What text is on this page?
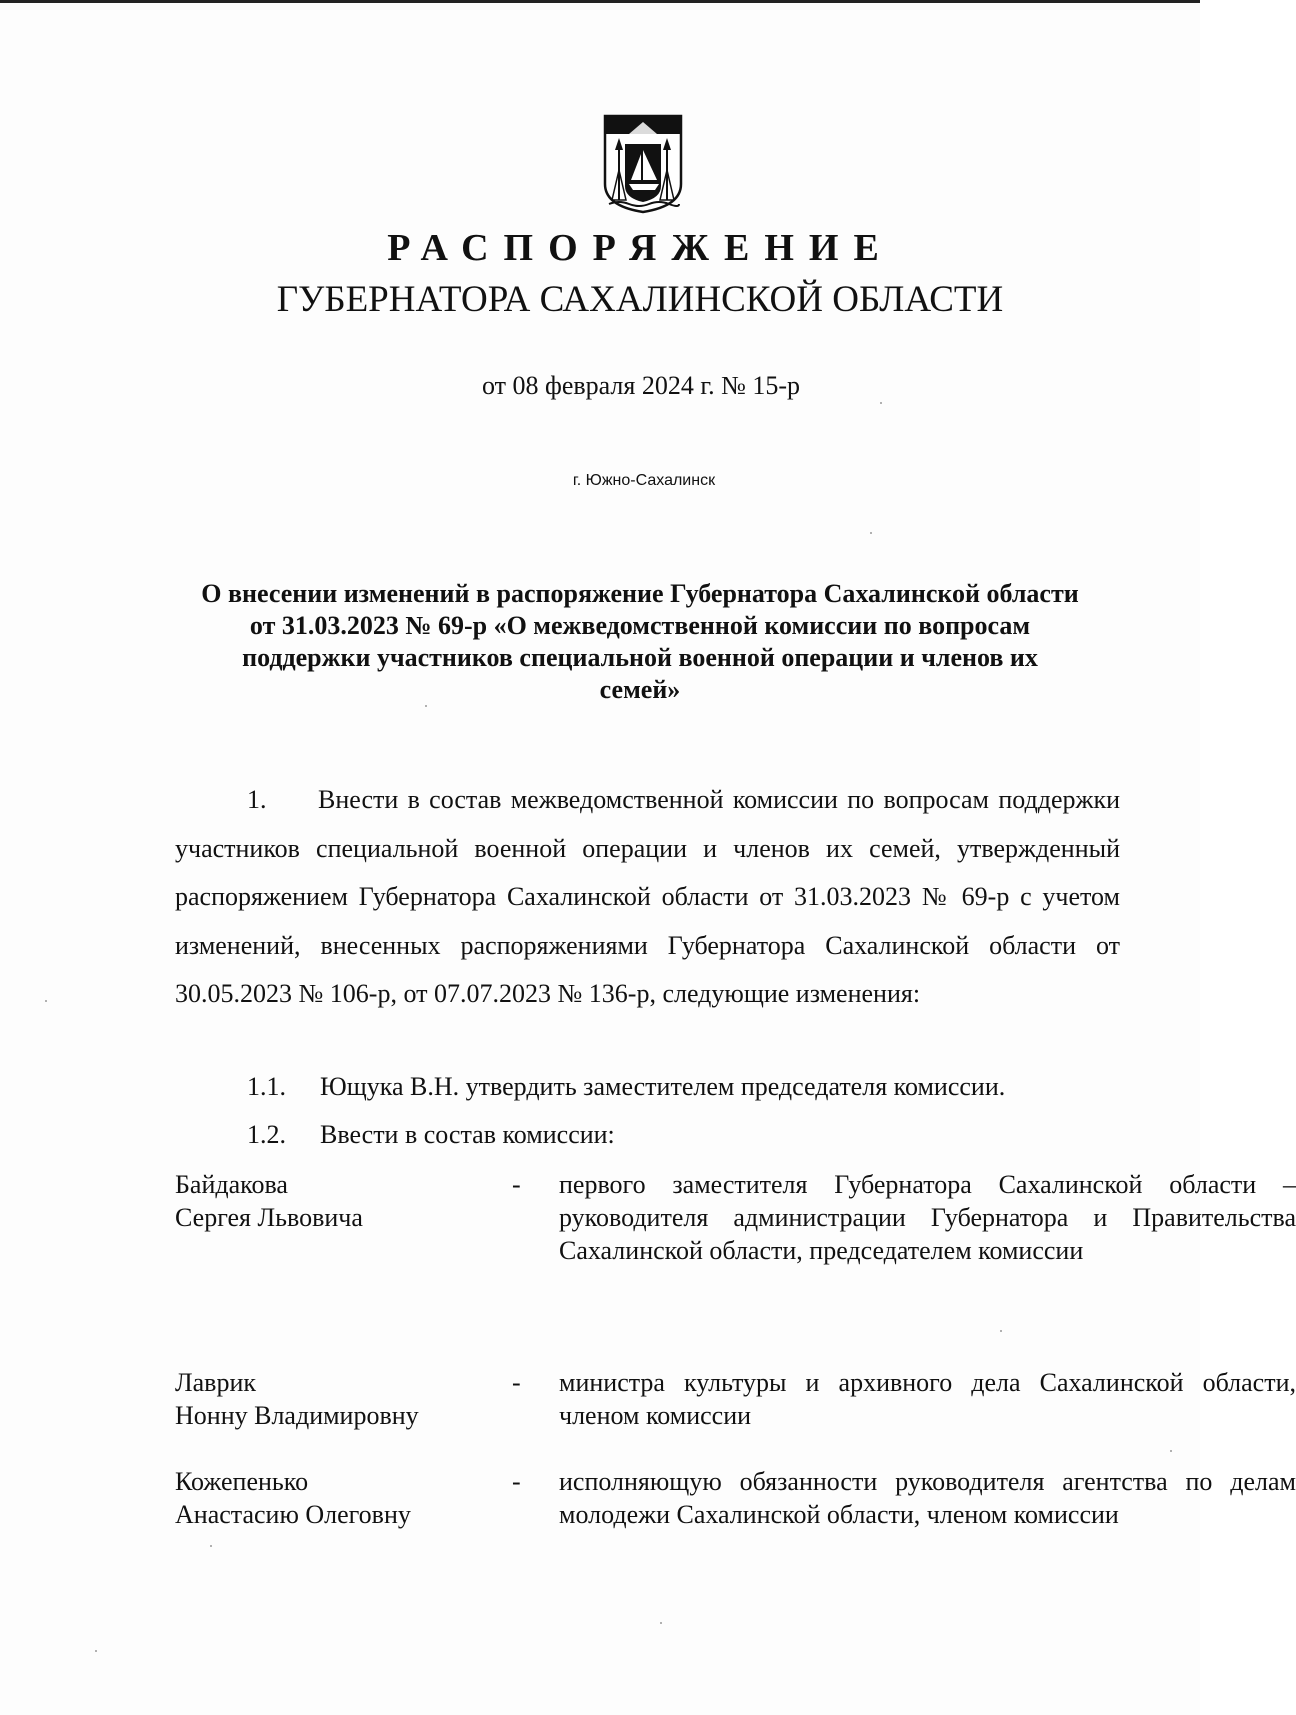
РАСПОРЯЖЕНИЕ
ГУБЕРНАТОРА САХАЛИНСКОЙ ОБЛАСТИ
от 08 февраля 2024 г. № 15-р
г. Южно-Сахалинск
О внесении изменений в распоряжение Губернатора Сахалинской области от 31.03.2023 № 69-р «О межведомственной комиссии по вопросам поддержки участников специальной военной операции и членов их семей»
1. Внести в состав межведомственной комиссии по вопросам поддержки участников специальной военной операции и членов их семей, утвержденный распоряжением Губернатора Сахалинской области от 31.03.2023 № 69-р с учетом изменений, внесенных распоряжениями Губернатора Сахалинской области от 30.05.2023 № 106-р, от 07.07.2023 № 136-р, следующие изменения:
1.1. Ющука В.Н. утвердить заместителем председателя комиссии.
1.2. Ввести в состав комиссии:
Байдакова
Сергея Львовича
-	первого заместителя Губернатора Сахалинской области – руководителя администрации Губернатора и Правительства Сахалинской области, председателем комиссии
Лаврик
Нонну Владимировну
-	министра культуры и архивного дела Сахалинской области, членом комиссии
Кожепенько
Анастасию Олеговну
-	исполняющую обязанности руководителя агентства по делам молодежи Сахалинской области, членом комиссии
